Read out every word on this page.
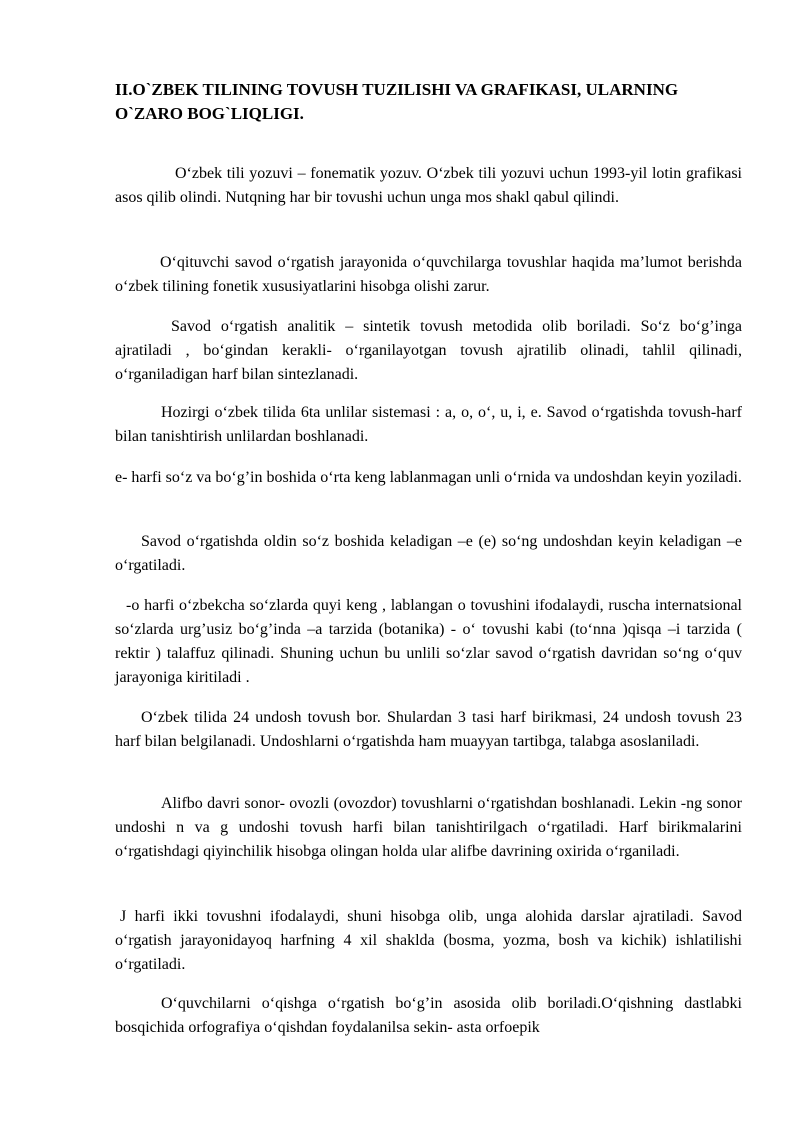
II.O`ZBEK TILINING TOVUSH TUZILISHI VA GRAFIKASI, ULARNING O`ZARO BOG`LIQLIGI.

O‘zbek tili yozuvi – fonematik yozuv. O‘zbek tili yozuvi uchun 1993-yil lotin grafikasi asos qilib olindi. Nutqning har bir tovushi uchun unga mos shakl qabul qilindi.

O‘qituvchi savod o‘rgatish jarayonida o‘quvchilarga tovushlar haqida ma’lumot berishda o‘zbek tilining fonetik xususiyatlarini hisobga olishi zarur.

Savod o‘rgatish analitik – sintetik tovush metodida olib boriladi. So‘z bo‘g’inga ajratiladi , bo‘gindan kerakli- o‘rganilayotgan tovush ajratilib olinadi, tahlil qilinadi, o‘rganiladigan harf bilan sintezlanadi.

Hozirgi o‘zbek tilida 6ta unlilar sistemasi : a, o, o‘, u, i, e. Savod o‘rgatishda tovush-harf bilan tanishtirish unlilardan boshlanadi.

e- harfi so‘z va bo‘g’in boshida o‘rta keng lablanmagan unli o‘rnida va undoshdan keyin yoziladi.

Savod o‘rgatishda oldin so‘z boshida keladigan –e (e) so‘ng undoshdan keyin keladigan –e o‘rgatiladi.

-o harfi o‘zbekcha so‘zlarda quyi keng , lablangan o tovushini ifodalaydi, ruscha internatsional so‘zlarda urg’usiz bo‘g’inda –a tarzida (botanika) - o‘ tovushi kabi (to‘nna )qisqa –i tarzida ( rektir ) talaffuz qilinadi. Shuning uchun bu unlili so‘zlar savod o‘rgatish davridan so‘ng o‘quv jarayoniga kiritiladi .

O‘zbek tilida 24 undosh tovush bor. Shulardan 3 tasi harf birikmasi, 24 undosh tovush 23 harf bilan belgilanadi. Undoshlarni o‘rgatishda ham muayyan tartibga, talabga asoslaniladi.

Alifbo davri sonor- ovozli (ovozdor) tovushlarni o‘rgatishdan boshlanadi. Lekin -ng sonor undoshi n va g undoshi tovush harfi bilan tanishtirilgach o‘rgatiladi. Harf birikmalarini o‘rgatishdagi qiyinchilik hisobga olingan holda ular alifbe davrining oxirida o‘rganiladi.

J harfi ikki tovushni ifodalaydi, shuni hisobga olib, unga alohida darslar ajratiladi. Savod o‘rgatish jarayonidayoq harfning 4 xil shaklda (bosma, yozma, bosh va kichik) ishlatilishi o‘rgatiladi.

O‘quvchilarni o‘qishga o‘rgatish bo‘g’in asosida olib boriladi.O‘qishning dastlabki bosqichida orfografiya o‘qishdan foydalanilsa sekin- asta orfoepik
